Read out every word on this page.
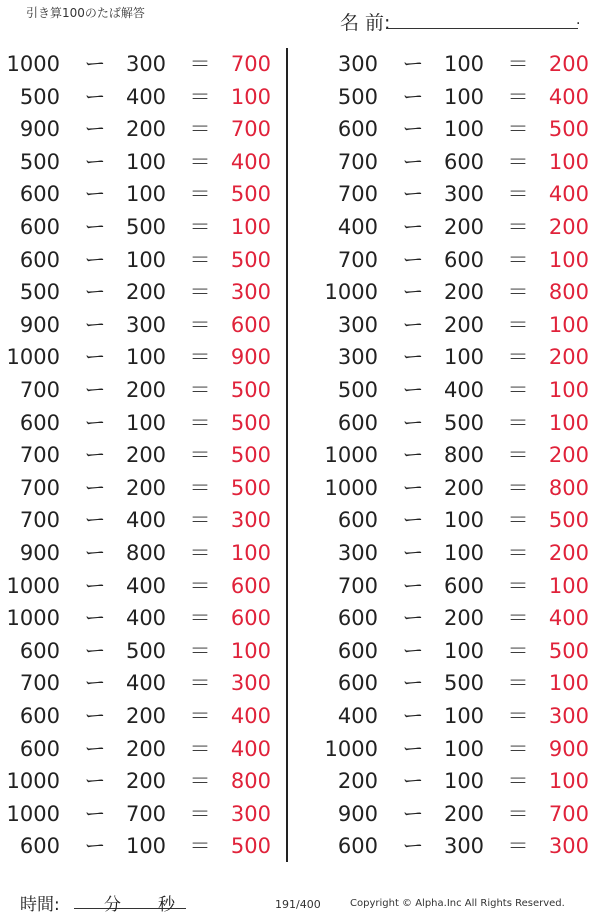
引き算100のたば解答	名 前:	.
1000 ー 300	＝ 700
500 ー 400	＝ 100
900 ー 200	＝ 700
500 ー 100	＝ 400
600 ー 100	＝ 500
600 ー 500	＝ 100
600 ー 100	＝ 500
500 ー 200	＝ 300
900 ー 300	＝ 600
1000 ー 100	＝ 900
700 ー 200	＝ 500
600 ー 100	＝ 500
700 ー 200	＝ 500
700 ー 200	＝ 500
700 ー 400	＝ 300
900 ー 800	＝ 100
1000 ー 400	＝ 600
1000 ー 400	＝ 600
600 ー 500	＝ 100
700 ー 400	＝ 300
600 ー 200	＝ 400
600 ー 200	＝ 400
1000 ー 200	＝ 800
1000 ー 700	＝ 300
600 ー 100	＝ 500
300 ー 100	＝ 200
500 ー 100	＝ 400
600 ー 100	＝ 500
700 ー 600	＝ 100
700 ー 300	＝ 400
400 ー 200	＝ 200
700 ー 600	＝ 100
1000 ー 200	＝ 800
300 ー 200	＝ 100
300 ー 100	＝ 200
500 ー 400	＝ 100
600 ー 500	＝ 100
1000 ー 800	＝ 200
1000 ー 200	＝ 800
600 ー 100	＝ 500
300 ー 100	＝ 200
700 ー 600	＝ 100
600 ー 200	＝ 400
600 ー 100	＝ 500
600 ー 500	＝ 100
400 ー 100	＝ 300
1000 ー 100	＝ 900
200 ー 100	＝ 100
900 ー 200	＝ 700
600 ー 300	＝ 300
時間:	分 秒	191/400	Copyright © Alpha.Inc All Rights Reserved.
